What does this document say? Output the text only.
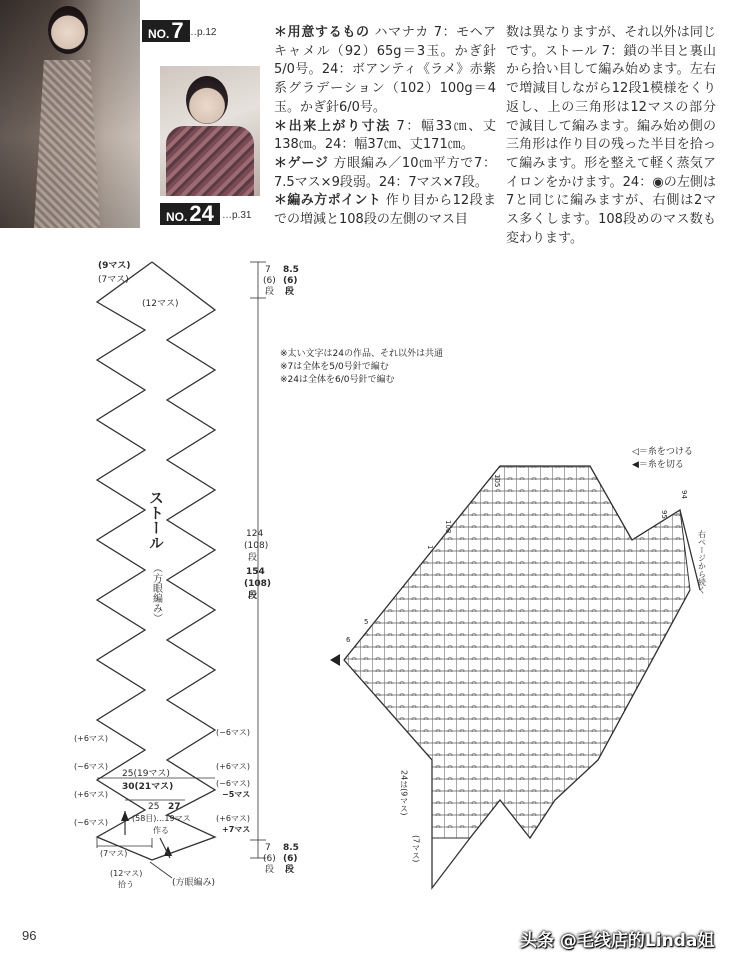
NO.7 …p.12
NO.24 …p.31

＊用意するもの ハマナカ 7：モヘア キャメル（92）65g＝3玉。かぎ針5/0号。24：ボアンティ《ラメ》赤紫系グラデーション（102）100g＝4玉。かぎ針6/0号。

＊出来上がり寸法 7：幅33㎝、丈138㎝。24：幅37㎝、丈171㎝。

＊ゲージ 方眼編み／10㎝平方で7：7.5マス×9段弱。24：7マス×7段。

＊編み方ポイント 作り目から12段までの増減と108段の左側のマス目

数は異なりますが、それ以外は同じです。ストール 7：鎖の半目と裏山から拾い目して編み始めます。左右で増減目しながら12段1模様をくり返し、上の三角形は12マスの部分で減目して編みます。編み始め側の三角形は作り目の残った半目を拾って編みます。形を整えて軽く蒸気アイロンをかけます。24：◉の左側は7と同じに編みますが、右側は2マス多くします。108段めのマス数も変わります。

(9マス)
(7マス)
(12マス)
7
(6)
段
8.5
(6)
段
124
(108)
段
154
(108)
段
ストール
（方眼編み）
(+6マス)
(−6マス)
(+6マス)
(−6マス)
(−6マス)
(+6マス)
(−6マス)
−5マス
(+6マス)
+7マス
25(19マス)
30(21マス)
25 27
(58目)…19マス
作る
(7マス)
(12マス)
拾う	(方眼編み)
7
(6)
段
8.5
(6)
段
105
108
1
95
94
6
5
右ページから続く
24は(9マス)
(7マス)
※太い文字は24の作品、それ以外は共通
※7は全体を5/0号針で編む
※24は全体を6/0号針で編む
◁＝糸をつける
◀＝糸を切る
96	头条 @毛线店的Linda姐
